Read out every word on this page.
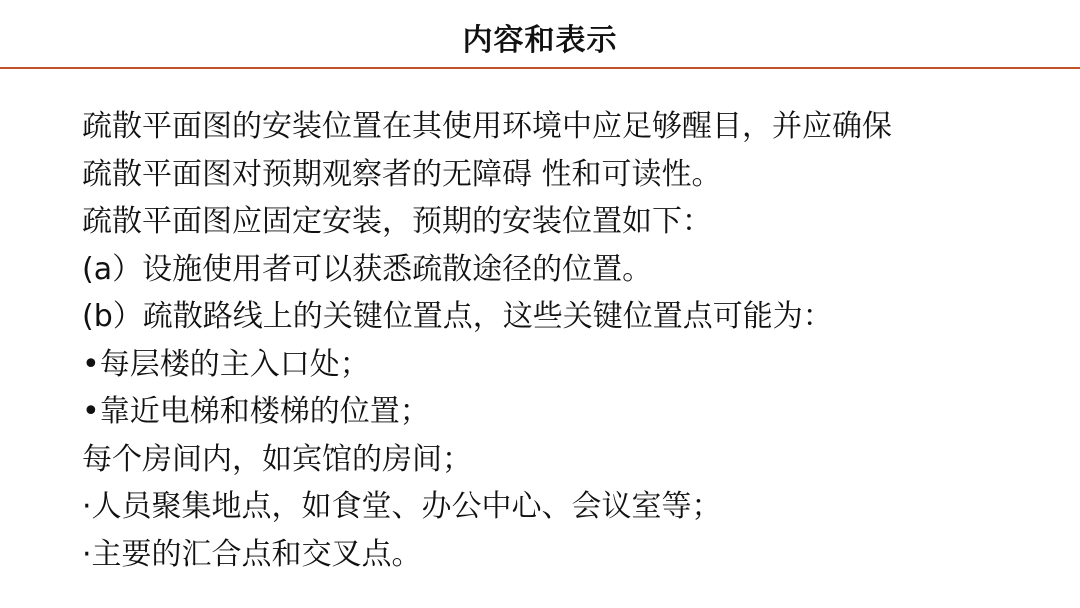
内容和表示
疏散平面图的安装位置在其使用环境中应足够醒目，并应确保
疏散平面图对预期观察者的无障碍 性和可读性。
疏散平面图应固定安装，预期的安装位置如下：
(a）设施使用者可以获悉疏散途径的位置。
(b）疏散路线上的关键位置点，这些关键位置点可能为：
•每层楼的主入口处；
•靠近电梯和楼梯的位置；
每个房间内，如宾馆的房间；
·人员聚集地点，如食堂、办公中心、会议室等；
·主要的汇合点和交叉点。
